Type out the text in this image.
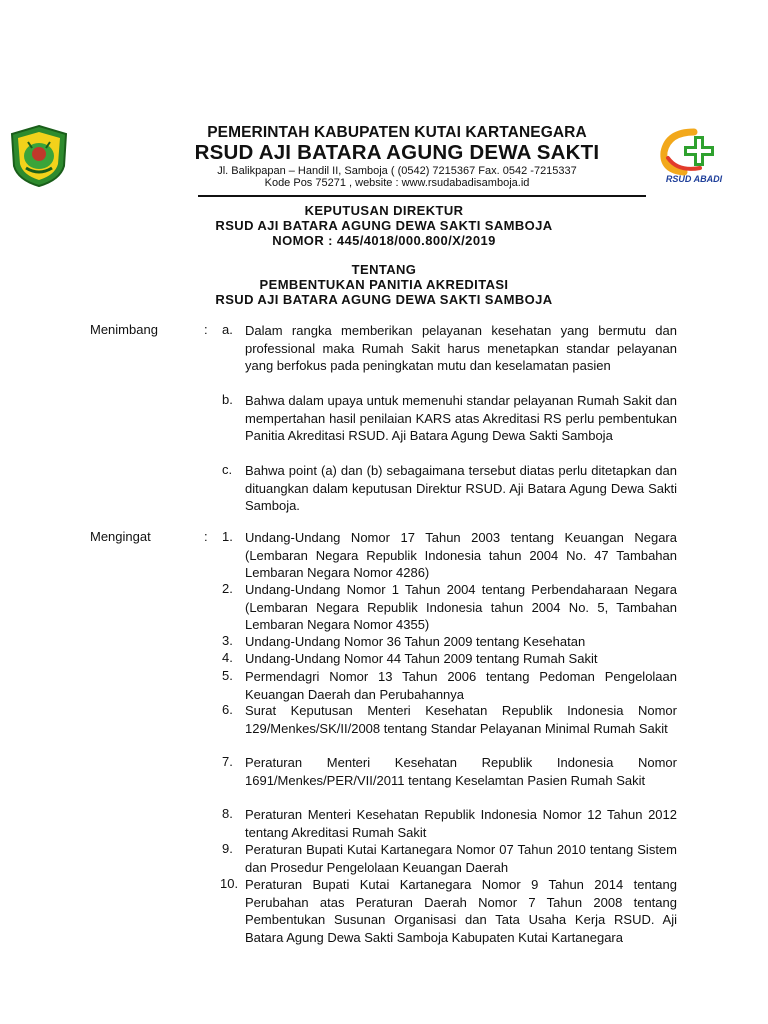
RSUD ABADI
PEMERINTAH KABUPATEN KUTAI KARTANEGARA
RSUD AJI BATARA AGUNG DEWA SAKTI
Jl. Balikpapan – Handil II, Samboja ( (0542) 7215367 Fax. 0542 -7215337
Kode Pos 75271 , website : www.rsudabadisamboja.id
KEPUTUSAN DIREKTUR
RSUD AJI BATARA AGUNG DEWA SAKTI SAMBOJA
NOMOR : 445/4018/000.800/X/2019
TENTANG
PEMBENTUKAN PANITIA AKREDITASI
RSUD AJI BATARA AGUNG DEWA SAKTI SAMBOJA
Menimbang	: a. Dalam rangka memberikan pelayanan kesehatan yang bermutu dan professional maka Rumah Sakit harus menetapkan standar pelayanan yang berfokus pada peningkatan mutu dan keselamatan pasien
b. Bahwa dalam upaya untuk memenuhi standar pelayanan Rumah Sakit dan mempertahan hasil penilaian KARS atas Akreditasi RS perlu pembentukan Panitia Akreditasi RSUD. Aji Batara Agung Dewa Sakti Samboja
c. Bahwa point (a) dan (b) sebagaimana tersebut diatas perlu ditetapkan dan dituangkan dalam keputusan Direktur RSUD. Aji Batara Agung Dewa Sakti Samboja.
Mengingat	: 1. Undang-Undang Nomor 17 Tahun 2003 tentang Keuangan Negara (Lembaran Negara Republik Indonesia tahun 2004 No. 47 Tambahan Lembaran Negara Nomor 4286)
2. Undang-Undang Nomor 1 Tahun 2004 tentang Perbendaharaan Negara (Lembaran Negara Republik Indonesia tahun 2004 No. 5, Tambahan Lembaran Negara Nomor 4355)
3. Undang-Undang Nomor 36 Tahun 2009 tentang Kesehatan
4. Undang-Undang Nomor 44 Tahun 2009 tentang Rumah Sakit
5. Permendagri Nomor 13 Tahun 2006 tentang Pedoman Pengelolaan Keuangan Daerah dan Perubahannya
6. Surat Keputusan Menteri Kesehatan Republik Indonesia Nomor 129/Menkes/SK/II/2008 tentang Standar Pelayanan Minimal Rumah Sakit
7. Peraturan Menteri Kesehatan Republik Indonesia Nomor 1691/Menkes/PER/VII/2011 tentang Keselamtan Pasien Rumah Sakit
8. Peraturan Menteri Kesehatan Republik Indonesia Nomor 12 Tahun 2012 tentang Akreditasi Rumah Sakit
9. Peraturan Bupati Kutai Kartanegara Nomor 07 Tahun 2010 tentang Sistem dan Prosedur Pengelolaan Keuangan Daerah
10. Peraturan Bupati Kutai Kartanegara Nomor 9 Tahun 2014 tentang Perubahan atas Peraturan Daerah Nomor 7 Tahun 2008 tentang Pembentukan Susunan Organisasi dan Tata Usaha Kerja RSUD. Aji Batara Agung Dewa Sakti Samboja Kabupaten Kutai Kartanegara
